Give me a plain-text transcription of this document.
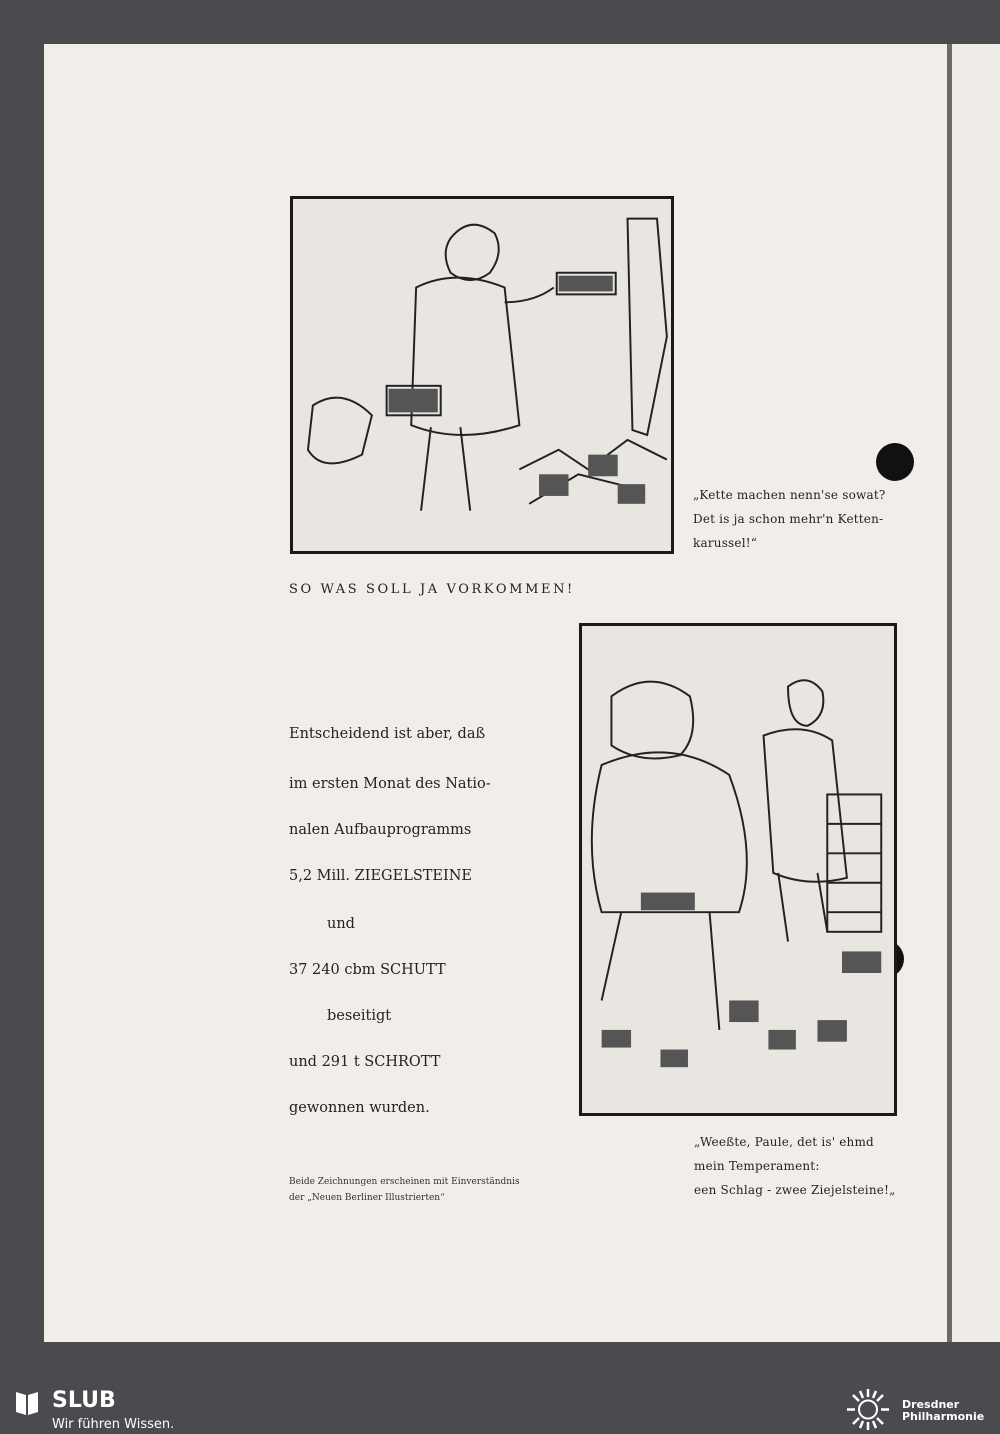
„Kette machen nenn'se sowat?
Det is ja schon mehr'n Ketten-
karussel!“
SO WAS SOLL JA VORKOMMEN!
Entscheidend ist aber, daß
im ersten Monat des Natio-
nalen Aufbauprogramms
5,2 Mill. ZIEGELSTEINE
und
37 240 cbm SCHUTT
beseitigt
und 291 t SCHROTT
gewonnen wurden.
Beide Zeichnungen erscheinen mit Einverständnis
der „Neuen Berliner Illustrierten“
„Weeßte, Paule, det is' ehmd
mein Temperament:
een Schlag - zwee Ziejelsteine!„
SLUB
Wir führen Wissen.
Dresdner
Philharmonie
